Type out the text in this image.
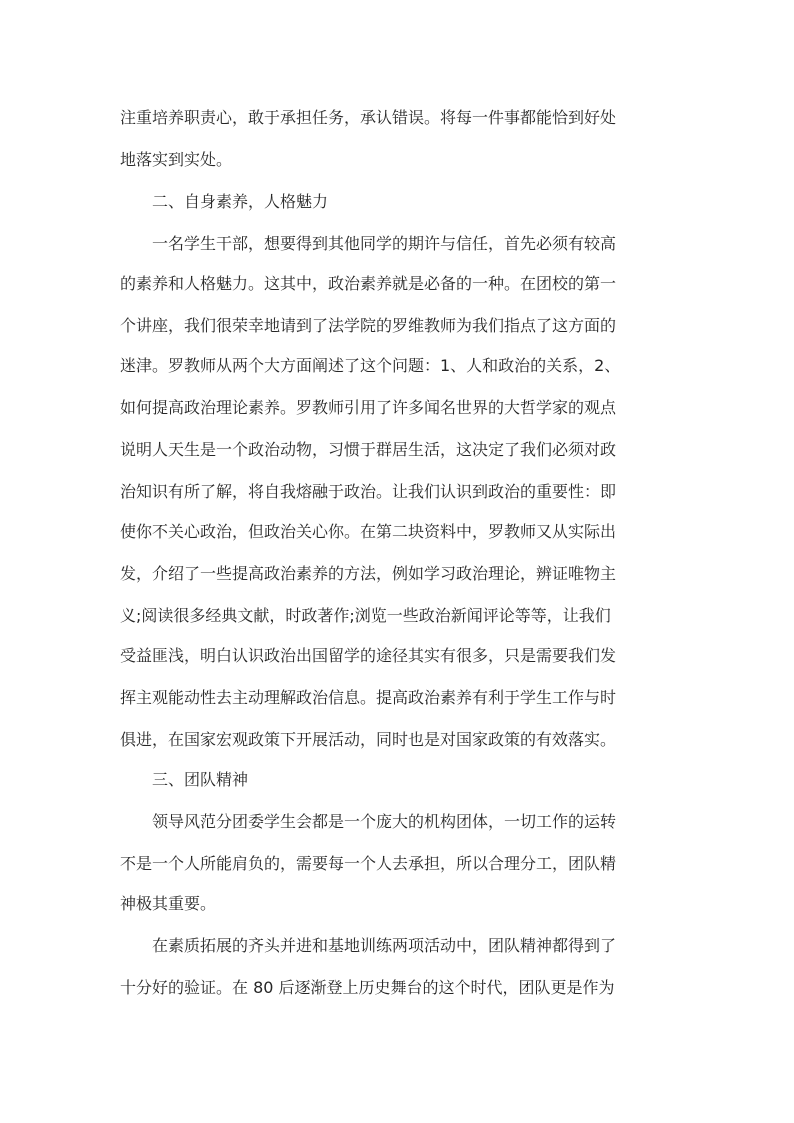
注重培养职责心，敢于承担任务，承认错误。将每一件事都能恰到好处
地落实到实处。
二、自身素养，人格魅力
一名学生干部，想要得到其他同学的期许与信任，首先必须有较高
的素养和人格魅力。这其中，政治素养就是必备的一种。在团校的第一
个讲座，我们很荣幸地请到了法学院的罗维教师为我们指点了这方面的
迷津。罗教师从两个大方面阐述了这个问题：1、人和政治的关系，2、
如何提高政治理论素养。罗教师引用了许多闻名世界的大哲学家的观点
说明人天生是一个政治动物，习惯于群居生活，这决定了我们必须对政
治知识有所了解，将自我熔融于政治。让我们认识到政治的重要性：即
使你不关心政治，但政治关心你。在第二块资料中，罗教师又从实际出
发，介绍了一些提高政治素养的方法，例如学习政治理论，辨证唯物主
义;阅读很多经典文献，时政著作;浏览一些政治新闻评论等等，让我们
受益匪浅，明白认识政治出国留学的途径其实有很多，只是需要我们发
挥主观能动性去主动理解政治信息。提高政治素养有利于学生工作与时
俱进，在国家宏观政策下开展活动，同时也是对国家政策的有效落实。
三、团队精神
领导风范分团委学生会都是一个庞大的机构团体，一切工作的运转
不是一个人所能肩负的，需要每一个人去承担，所以合理分工，团队精
神极其重要。
在素质拓展的齐头并进和基地训练两项活动中，团队精神都得到了
十分好的验证。在 80 后逐渐登上历史舞台的这个时代，团队更是作为
